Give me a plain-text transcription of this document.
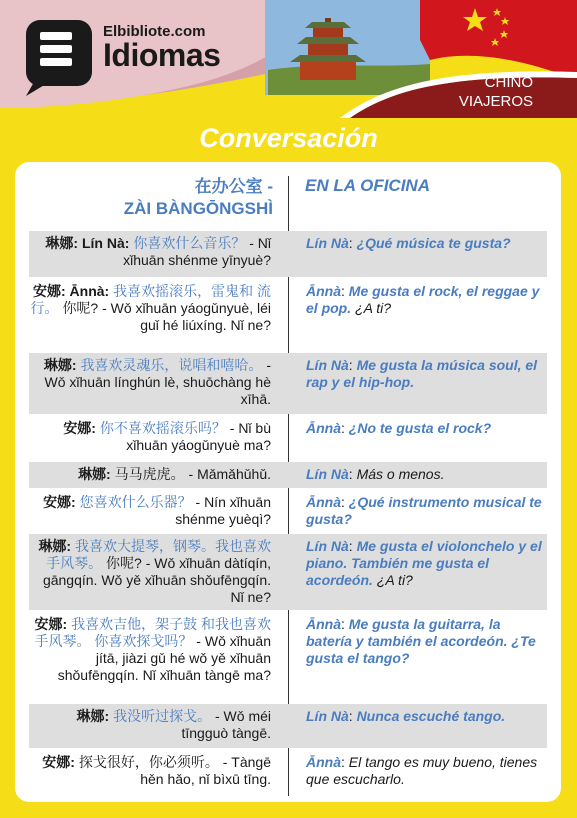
Elbibliote.com
Idiomas
CHINO
VIAJEROS
Conversación
在办公室 -
ZÀI BÀNGŌNGSHÌ
EN LA OFICINA
琳娜: Lín Nà: 你喜欢什么音乐？ - Nǐ xǐhuān shénme yīnyuè?
Lín Nà: ¿Qué música te gusta?
安娜: Ānnà: 我喜欢摇滚乐，雷鬼和 流行。 你呢? - Wǒ xǐhuān yáogǔnyuè, léi guǐ hé liúxíng. Nǐ ne?
Ānnà: Me gusta el rock, el reggae y el pop. ¿A ti?
琳娜: 我喜欢灵魂乐，说唱和嘻哈。 - Wǒ xǐhuān línghún lè, shuōchàng hè xīhā.
Lín Nà: Me gusta la música soul, el rap y el hip-hop.
安娜: 你不喜欢摇滚乐吗？ - Nǐ bù xǐhuān yáogǔnyuè ma?
Ānnà: ¿No te gusta el rock?
琳娜: 马马虎虎。 - Mǎmǎhǔhǔ.	Lín Nà: Más o menos.
安娜: 您喜欢什么乐器？ - Nín xǐhuān shénme yuèqì?
Ānnà: ¿Qué instrumento musical te gusta?
琳娜: 我喜欢大提琴，钢琴。我也喜欢手风琴。 你呢? - Wǒ xǐhuān dàtíqín, gāngqín. Wǒ yě xǐhuān shǒufēngqín. Nǐ ne?
Lín Nà: Me gusta el violonchelo y el piano. También me gusta el acordeón. ¿A ti?
安娜: 我喜欢吉他，架子鼓 和我也喜欢 手风琴。 你喜欢探戈吗？ - Wǒ xǐhuān jítā, jiàzi gǔ hé wǒ yě xǐhuān shǒufēngqín. Nǐ xǐhuān tàngē ma?
Ānnà: Me gusta la guitarra, la batería y también el acordeón. ¿Te gusta el tango?
琳娜: 我没听过探戈。 - Wǒ méi tīngguò tàngē.
Lín Nà: Nunca escuché tango.
安娜: 探戈很好，你必须听。 - Tàngē hěn hǎo, nǐ bìxū tīng.
Ānnà: El tango es muy bueno, tienes que escucharlo.
